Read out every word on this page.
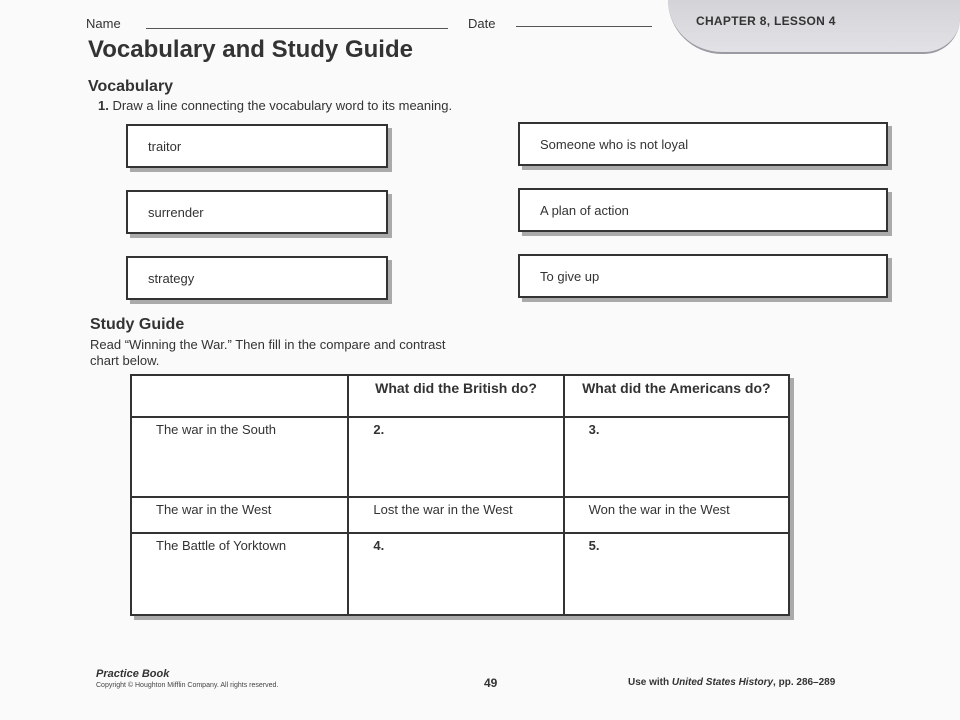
Name	Date	CHAPTER 8, LESSON 4
Vocabulary and Study Guide
Vocabulary
1. Draw a line connecting the vocabulary word to its meaning.
traitor
surrender
strategy
Someone who is not loyal
A plan of action
To give up
Study Guide
Read “Winning the War.” Then fill in the compare and contrast
chart below.
	What did the British do?	What did the Americans do?
The war in the South	2.	3.
The war in the West	Lost the war in the West	Won the war in the West
The Battle of Yorktown	4.	5.
Practice Book
Copyright © Houghton Mifflin Company. All rights reserved.	49	Use with United States History, pp. 286–289
